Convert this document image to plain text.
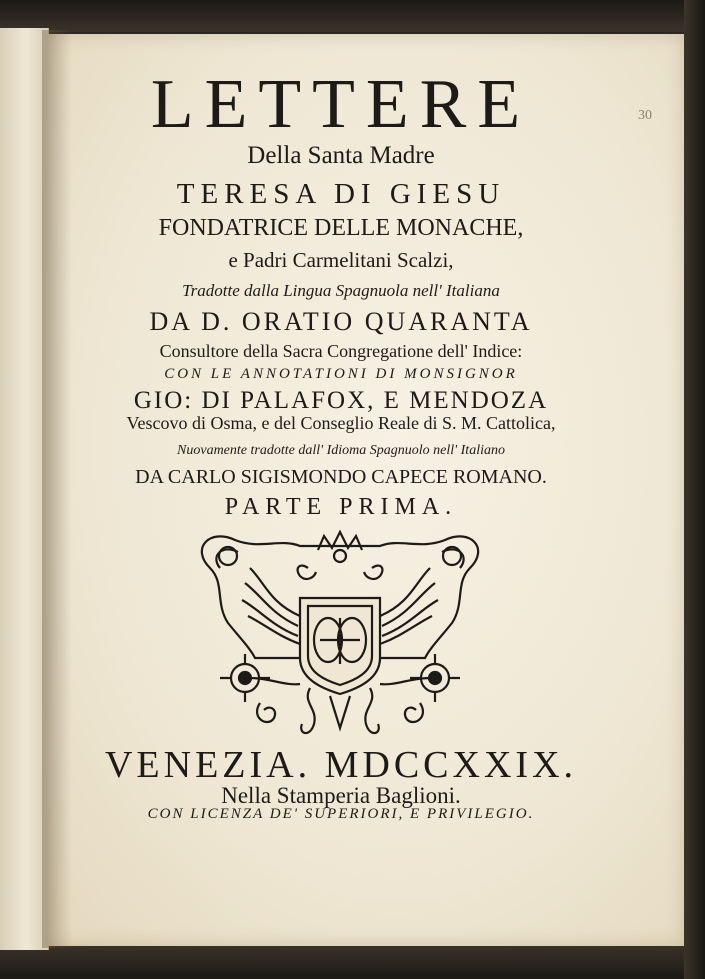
LETTERE
Della Santa Madre
TERESA DI GIESU
FONDATRICE DELLE MONACHE,
e Padri Carmelitani Scalzi,
Tradotte dalla Lingua Spagnuola nell' Italiana
DA D. ORATIO QUARANTA
Consultore della Sacra Congregatione dell' Indice:
CON LE ANNOTATIONI DI MONSIGNOR
GIO: DI PALAFOX, E MENDOZA
Vescovo di Osma, e del Conseglio Reale di S. M. Cattolica,
Nuovamente tradotte dall' Idioma Spagnuolo nell' Italiano
DA CARLO SIGISMONDO CAPECE ROMANO.
PARTE PRIMA.
VENEZIA. MDCCXXIX.
Nella Stamperia Baglioni.
CON LICENZA DE' SUPERIORI, E PRIVILEGIO.
30
